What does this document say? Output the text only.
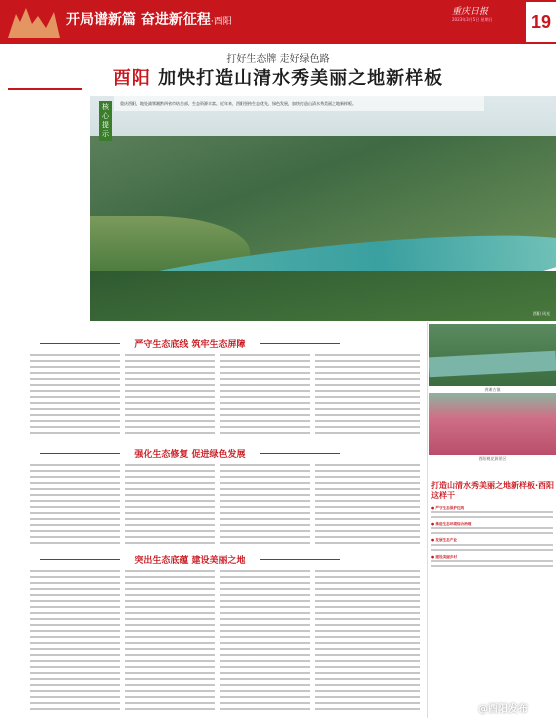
开局谱新篇 奋进新征程·酉阳
重庆日报
2023年3月5日 星期日	19
打好生态牌 走好绿色路
酉阳 加快打造山清水秀美丽之地新样板
重庆酉阳，地处渝鄂湘黔四省市结合部，生态资源丰富。近年来，酉阳坚持生态优先、绿色发展，加快打造山清水秀美丽之地新样板。
酉阳 风光
核心提示
严守生态底线 筑牢生态屏障
强化生态修复 促进绿色发展
突出生态底蕴 建设美丽之地
龚滩古镇
酉阳桃花源景区
打造山清水秀美丽之地新样板·酉阳这样干
● 严守生态保护红线
● 推进生态环境综合治理
● 发展生态产业
● 建设美丽乡村
@酉阳发布
